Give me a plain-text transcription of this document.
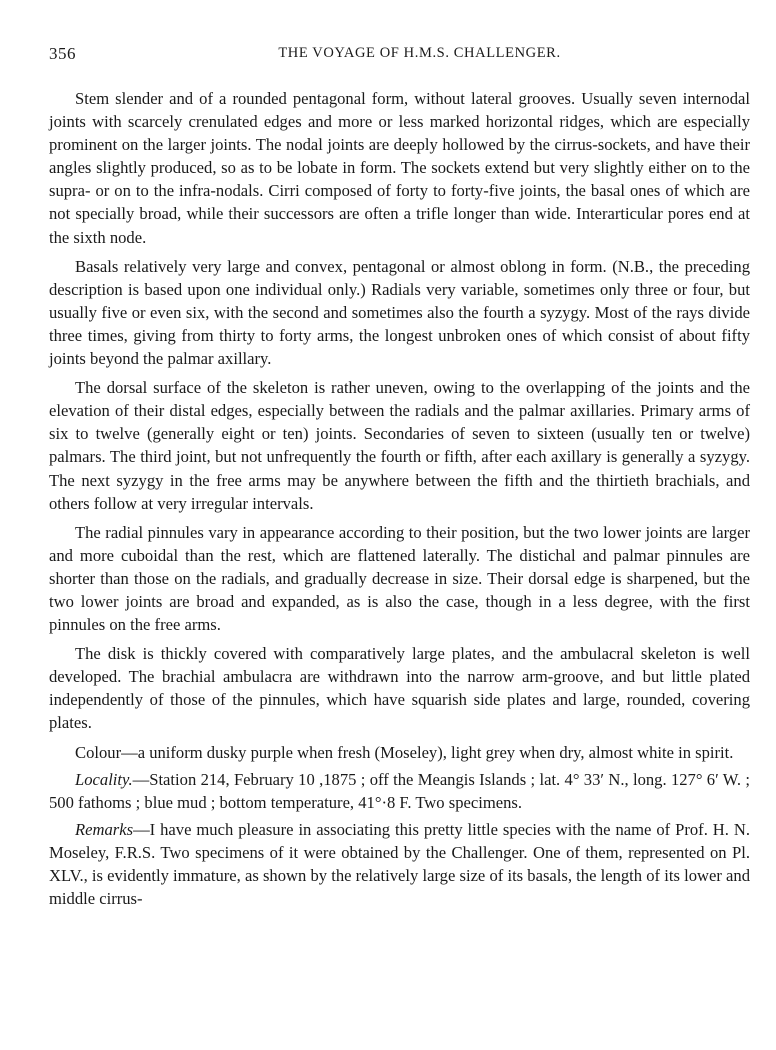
356	THE VOYAGE OF H.M.S. CHALLENGER.

Stem slender and of a rounded pentagonal form, without lateral grooves. Usually seven internodal joints with scarcely crenulated edges and more or less marked horizontal ridges, which are especially prominent on the larger joints. The nodal joints are deeply hollowed by the cirrus-sockets, and have their angles slightly produced, so as to be lobate in form. The sockets extend but very slightly either on to the supra- or on to the infra-nodals. Cirri composed of forty to forty-five joints, the basal ones of which are not specially broad, while their successors are often a trifle longer than wide. Interarticular pores end at the sixth node.

Basals relatively very large and convex, pentagonal or almost oblong in form. (N.B., the preceding description is based upon one individual only.) Radials very variable, sometimes only three or four, but usually five or even six, with the second and sometimes also the fourth a syzygy. Most of the rays divide three times, giving from thirty to forty arms, the longest unbroken ones of which consist of about fifty joints beyond the palmar axillary.

The dorsal surface of the skeleton is rather uneven, owing to the overlapping of the joints and the elevation of their distal edges, especially between the radials and the palmar axillaries. Primary arms of six to twelve (generally eight or ten) joints. Secondaries of seven to sixteen (usually ten or twelve) palmars. The third joint, but not unfrequently the fourth or fifth, after each axillary is generally a syzygy. The next syzygy in the free arms may be anywhere between the fifth and the thirtieth brachials, and others follow at very irregular intervals.

The radial pinnules vary in appearance according to their position, but the two lower joints are larger and more cuboidal than the rest, which are flattened laterally. The distichal and palmar pinnules are shorter than those on the radials, and gradually decrease in size. Their dorsal edge is sharpened, but the two lower joints are broad and expanded, as is also the case, though in a less degree, with the first pinnules on the free arms.

The disk is thickly covered with comparatively large plates, and the ambulacral skeleton is well developed. The brachial ambulacra are withdrawn into the narrow arm-groove, and but little plated independently of those of the pinnules, which have squarish side plates and large, rounded, covering plates.

Colour—a uniform dusky purple when fresh (Moseley), light grey when dry, almost white in spirit.

Locality.—Station 214, February 10 ,1875 ; off the Meangis Islands ; lat. 4° 33′ N., long. 127° 6′ W. ; 500 fathoms ; blue mud ; bottom temperature, 41°·8 F. Two specimens.

Remarks—I have much pleasure in associating this pretty little species with the name of Prof. H. N. Moseley, F.R.S. Two specimens of it were obtained by the Challenger. One of them, represented on Pl. XLV., is evidently immature, as shown by the relatively large size of its basals, the length of its lower and middle cirrus-
